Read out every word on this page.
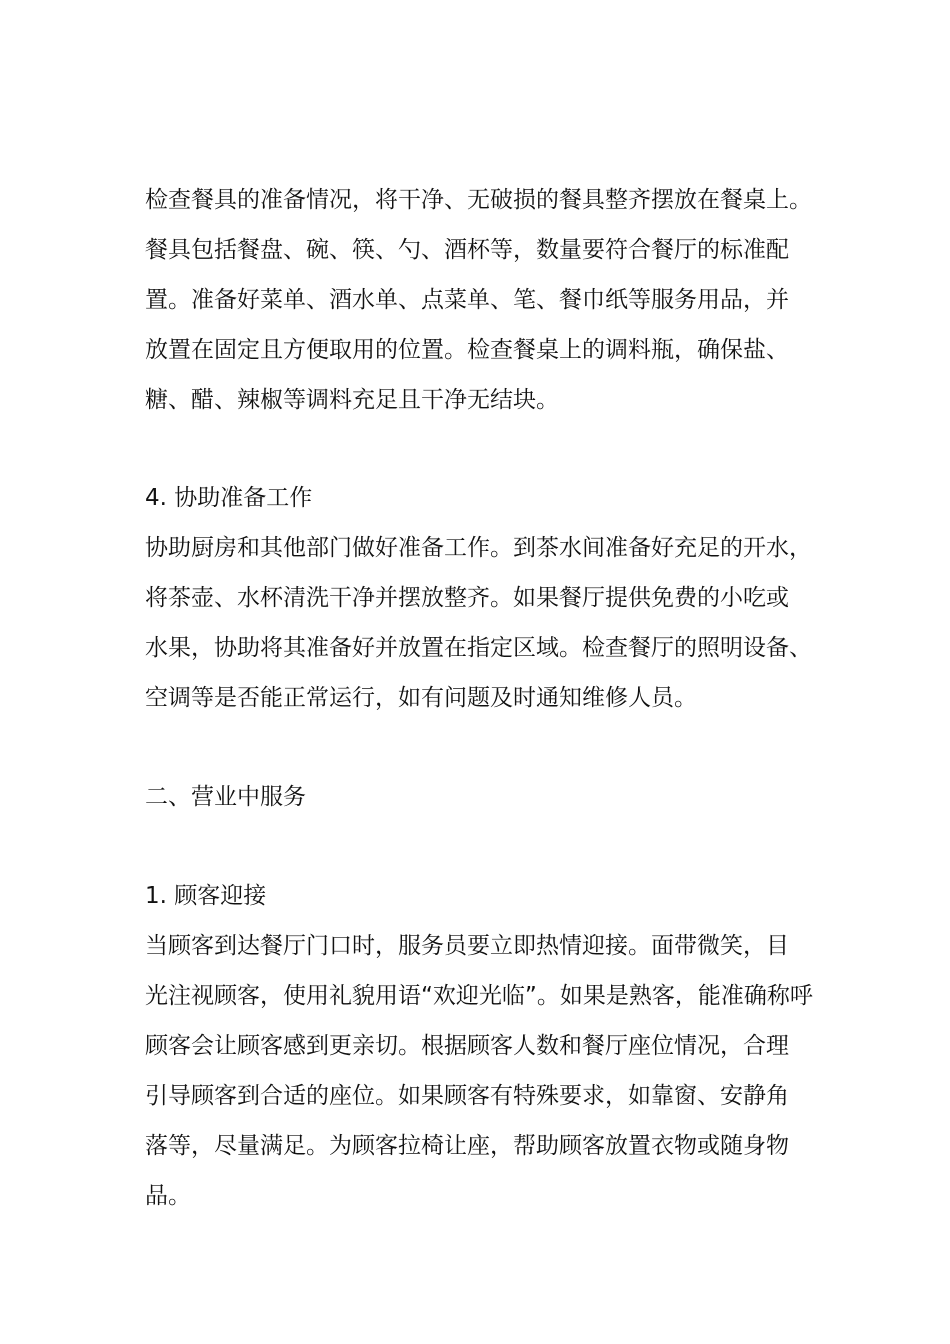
检查餐具的准备情况，将干净、无破损的餐具整齐摆放在餐桌上。
餐具包括餐盘、碗、筷、勺、酒杯等，数量要符合餐厅的标准配
置。准备好菜单、酒水单、点菜单、笔、餐巾纸等服务用品，并
放置在固定且方便取用的位置。检查餐桌上的调料瓶，确保盐、
糖、醋、辣椒等调料充足且干净无结块。
4. 协助准备工作
协助厨房和其他部门做好准备工作。到茶水间准备好充足的开水，
将茶壶、水杯清洗干净并摆放整齐。如果餐厅提供免费的小吃或
水果，协助将其准备好并放置在指定区域。检查餐厅的照明设备、
空调等是否能正常运行，如有问题及时通知维修人员。
二、营业中服务
1. 顾客迎接
当顾客到达餐厅门口时，服务员要立即热情迎接。面带微笑，目
光注视顾客，使用礼貌用语“欢迎光临”。如果是熟客，能准确称呼
顾客会让顾客感到更亲切。根据顾客人数和餐厅座位情况，合理
引导顾客到合适的座位。如果顾客有特殊要求，如靠窗、安静角
落等，尽量满足。为顾客拉椅让座，帮助顾客放置衣物或随身物
品。
